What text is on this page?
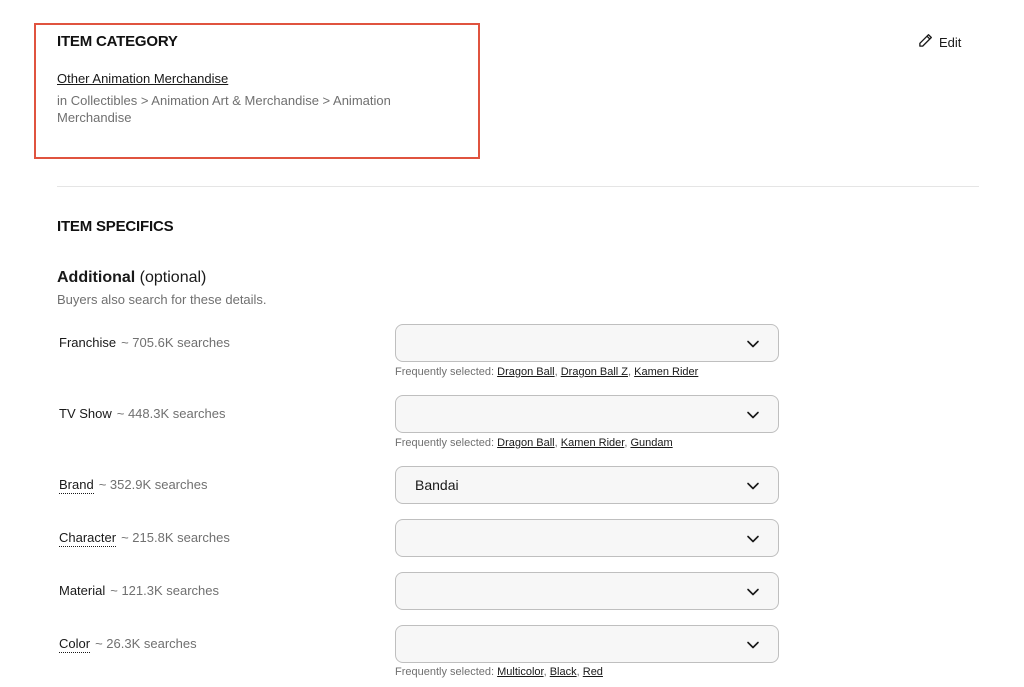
ITEM CATEGORY
Other Animation Merchandise
in Collectibles > Animation Art & Merchandise > Animation Merchandise
Edit
ITEM SPECIFICS
Additional (optional)
Buyers also search for these details.
Franchise ~ 705.6K searches
Frequently selected: Dragon Ball, Dragon Ball Z, Kamen Rider
TV Show ~ 448.3K searches
Frequently selected: Dragon Ball, Kamen Rider, Gundam
Brand ~ 352.9K searches	Bandai
Character ~ 215.8K searches
Material ~ 121.3K searches
Color ~ 26.3K searches
Frequently selected: Multicolor, Black, Red
